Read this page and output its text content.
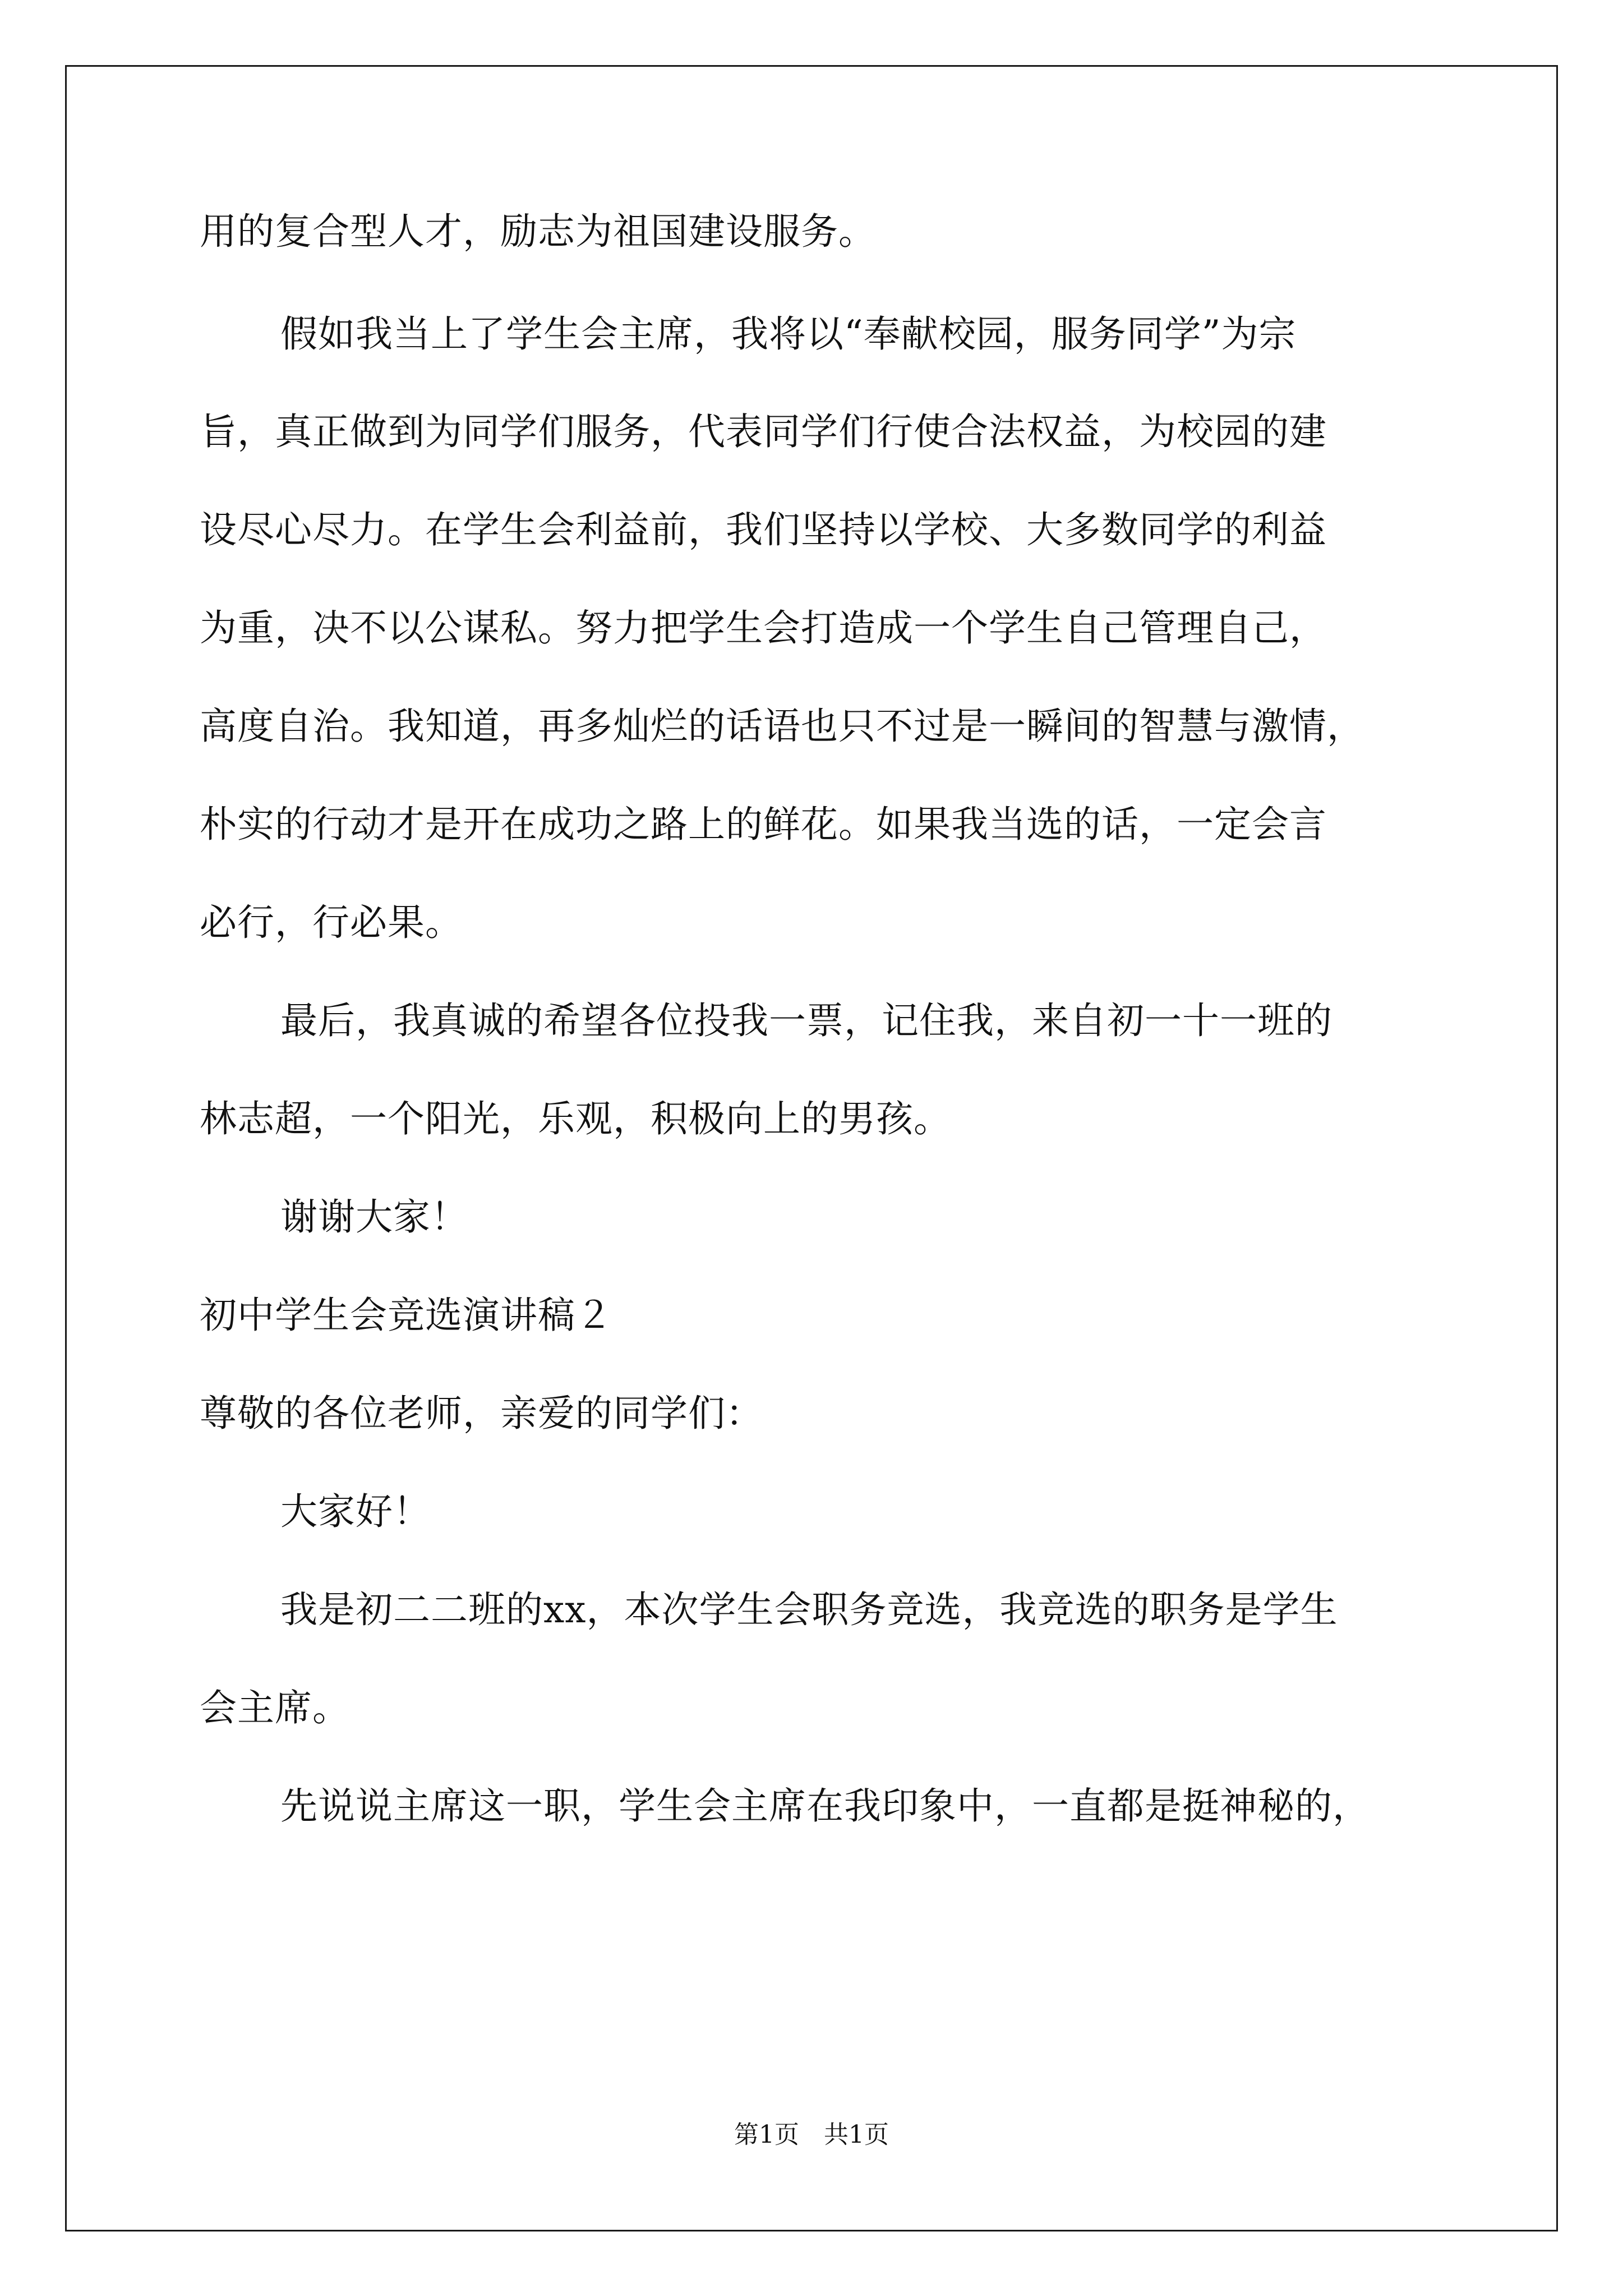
用的复合型人才，励志为祖国建设服务。
假如我当上了学生会主席，我将以“奉献校园，服务同学”为宗
旨，真正做到为同学们服务，代表同学们行使合法权益，为校园的建
设尽心尽力。在学生会利益前，我们坚持以学校、大多数同学的利益
为重，决不以公谋私。努力把学生会打造成一个学生自己管理自己，
高度自治。我知道，再多灿烂的话语也只不过是一瞬间的智慧与激情，
朴实的行动才是开在成功之路上的鲜花。如果我当选的话，一定会言
必行，行必果。
最后，我真诚的希望各位投我一票，记住我，来自初一十一班的
林志超，一个阳光，乐观，积极向上的男孩。
谢谢大家！
初中学生会竞选演讲稿２
尊敬的各位老师，亲爱的同学们：
大家好！
我是初二二班的xx，本次学生会职务竞选，我竞选的职务是学生
会主席。
先说说主席这一职，学生会主席在我印象中，一直都是挺神秘的，
第1页　共1页
